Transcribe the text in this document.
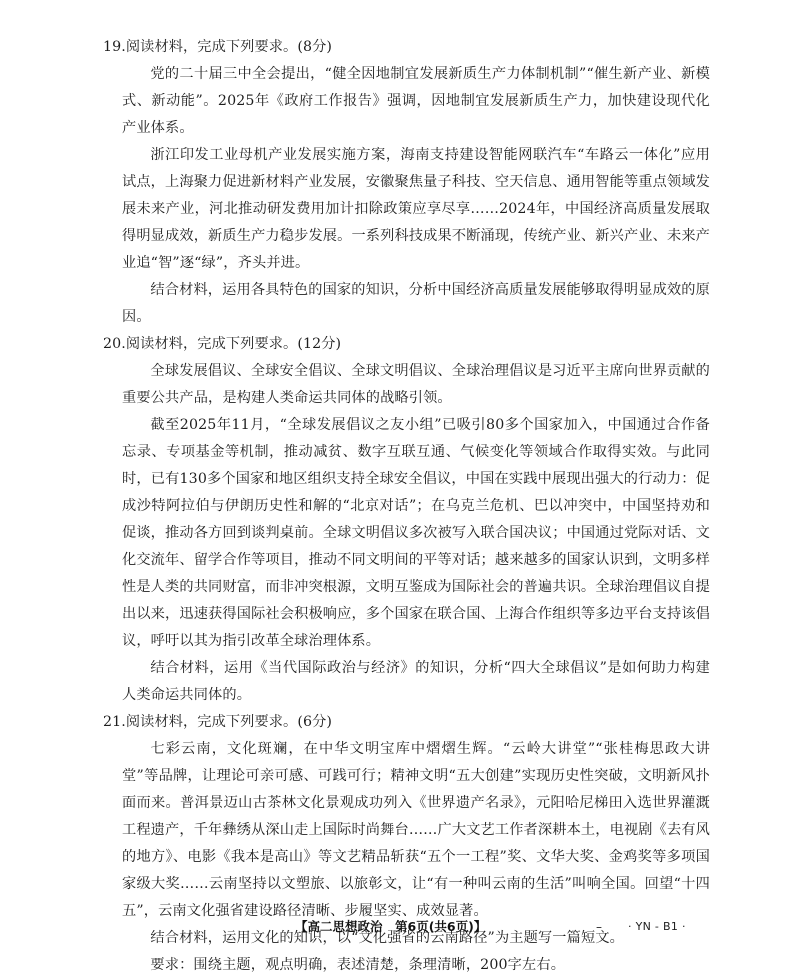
19.阅读材料，完成下列要求。(8分)

党的二十届三中全会提出，“健全因地制宜发展新质生产力体制机制”“催生新产业、新模式、新动能”。2025年《政府工作报告》强调，因地制宜发展新质生产力，加快建设现代化产业体系。

浙江印发工业母机产业发展实施方案，海南支持建设智能网联汽车“车路云一体化”应用试点，上海聚力促进新材料产业发展，安徽聚焦量子科技、空天信息、通用智能等重点领域发展未来产业，河北推动研发费用加计扣除政策应享尽享……2024年，中国经济高质量发展取得明显成效，新质生产力稳步发展。一系列科技成果不断涌现，传统产业、新兴产业、未来产业追“智”逐“绿”，齐头并进。

结合材料，运用各具特色的国家的知识，分析中国经济高质量发展能够取得明显成效的原因。

20.阅读材料，完成下列要求。(12分)

全球发展倡议、全球安全倡议、全球文明倡议、全球治理倡议是习近平主席向世界贡献的重要公共产品，是构建人类命运共同体的战略引领。

截至2025年11月，“全球发展倡议之友小组”已吸引80多个国家加入，中国通过合作备忘录、专项基金等机制，推动减贫、数字互联互通、气候变化等领域合作取得实效。与此同时，已有130多个国家和地区组织支持全球安全倡议，中国在实践中展现出强大的行动力：促成沙特阿拉伯与伊朗历史性和解的“北京对话”；在乌克兰危机、巴以冲突中，中国坚持劝和促谈，推动各方回到谈判桌前。全球文明倡议多次被写入联合国决议；中国通过党际对话、文化交流年、留学合作等项目，推动不同文明间的平等对话；越来越多的国家认识到，文明多样性是人类的共同财富，而非冲突根源，文明互鉴成为国际社会的普遍共识。全球治理倡议自提出以来，迅速获得国际社会积极响应，多个国家在联合国、上海合作组织等多边平台支持该倡议，呼吁以其为指引改革全球治理体系。

结合材料，运用《当代国际政治与经济》的知识，分析“四大全球倡议”是如何助力构建人类命运共同体的。

21.阅读材料，完成下列要求。(6分)

七彩云南，文化斑斓，在中华文明宝库中熠熠生辉。“云岭大讲堂”“张桂梅思政大讲堂”等品牌，让理论可亲可感、可践可行；精神文明“五大创建”实现历史性突破，文明新风扑面而来。普洱景迈山古茶林文化景观成功列入《世界遗产名录》，元阳哈尼梯田入选世界灌溉工程遗产，千年彝绣从深山走上国际时尚舞台……广大文艺工作者深耕本土，电视剧《去有风的地方》、电影《我本是高山》等文艺精品斩获“五个一工程”奖、文华大奖、金鸡奖等多项国家级大奖……云南坚持以文塑旅、以旅彰文，让“有一种叫云南的生活”叫响全国。回望“十四五”，云南文化强省建设路径清晰、步履坚实、成效显著。

结合材料，运用文化的知识，以“文化强省的云南路径”为主题写一篇短文。

要求：围绕主题，观点明确，表述清楚，条理清晰，200字左右。

【高二思想政治　第6页(共6页)】	– · YN - B1 ·
